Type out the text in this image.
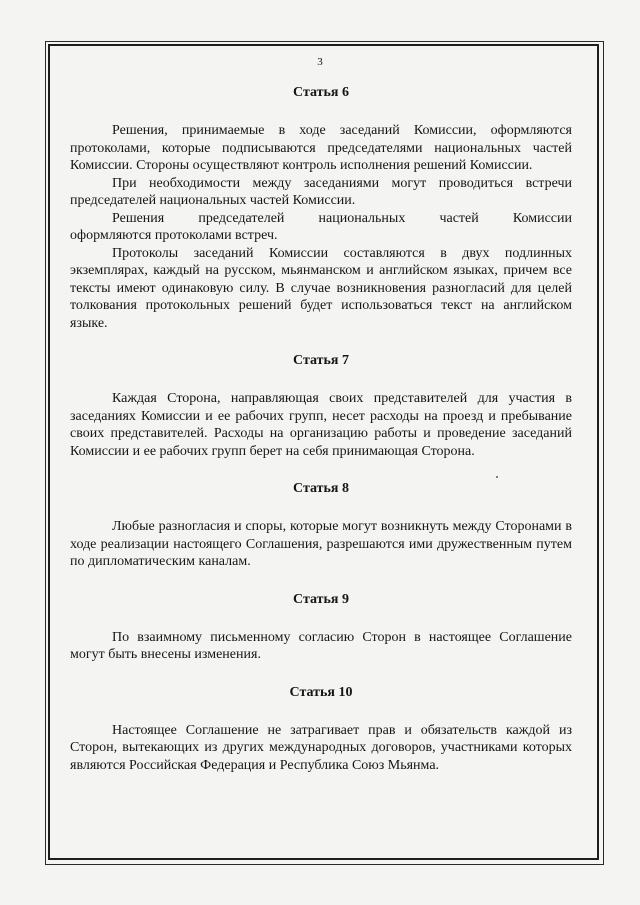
3
Статья 6

Решения, принимаемые в ходе заседаний Комиссии, оформляются протоколами, которые подписываются председателями национальных частей Комиссии. Стороны осуществляют контроль исполнения решений Комиссии.

При необходимости между заседаниями могут проводиться встречи председателей национальных частей Комиссии.

Решения председателей национальных частей Комиссии

оформляются протоколами встреч.

Протоколы заседаний Комиссии составляются в двух подлинных экземплярах, каждый на русском, мьянманском и английском языках, причем все тексты имеют одинаковую силу. В случае возникновения разногласий для целей толкования протокольных решений будет использоваться текст на английском языке.

Статья 7

Каждая Сторона, направляющая своих представителей для участия в заседаниях Комиссии и ее рабочих групп, несет расходы на проезд и пребывание своих представителей. Расходы на организацию работы и проведение заседаний Комиссии и ее рабочих групп берет на себя принимающая Сторона.

Статья 8

Любые разногласия и споры, которые могут возникнуть между Сторонами в ходе реализации настоящего Соглашения, разрешаются ими дружественным путем по дипломатическим каналам.

Статья 9

По взаимному письменному согласию Сторон в настоящее Соглашение могут быть внесены изменения.

Статья 10

Настоящее Соглашение не затрагивает прав и обязательств каждой из Сторон, вытекающих из других международных договоров, участниками которых являются Российская Федерация и Республика Союз Мьянма.
